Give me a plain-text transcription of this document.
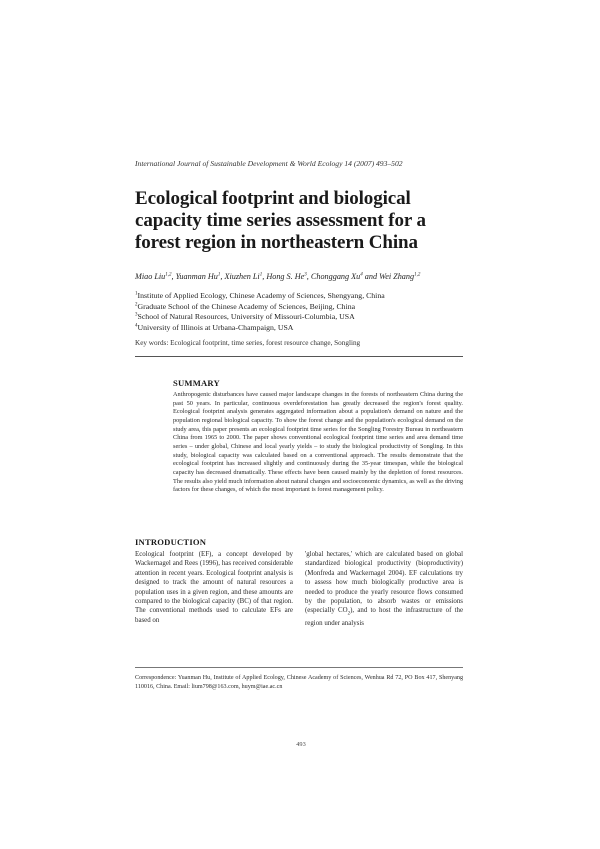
International Journal of Sustainable Development & World Ecology 14 (2007) 493–502
Ecological footprint and biological capacity time series assessment for a forest region in northeastern China
Miao Liu$^{1,2}$, Yuanman Hu$^1$, Xiuzhen Li$^1$, Hong S. He$^3$, Chonggang Xu$^4$ and Wei Zhang$^{1,2}$
$^1$Institute of Applied Ecology, Chinese Academy of Sciences, Shengyang, China
$^2$Graduate School of the Chinese Academy of Sciences, Beijing, China
$^3$School of Natural Resources, University of Missouri-Columbia, USA
$^4$University of Illinois at Urbana-Champaign, USA
Key words: Ecological footprint, time series, forest resource change, Songling
SUMMARY
Anthropogenic disturbances have caused major landscape changes in the forests of northeastern China during the past 50 years. In particular, continuous overdeforestation has greatly decreased the region's forest quality. Ecological footprint analysis generates aggregated information about a population's demand on nature and the population regional biological capacity. To show the forest change and the population's ecological demand on the study area, this paper presents an ecological footprint time series for the Songling Forestry Bureau in northeastern China from 1965 to 2000. The paper shows conventional ecological footprint time series and area demand time series – under global, Chinese and local yearly yields – to study the biological productivity of Songling. In this study, biological capacity was calculated based on a conventional approach. The results demonstrate that the ecological footprint has increased slightly and continuously during the 35-year timespan, while the biological capacity has decreased dramatically. These effects have been caused mainly by the depletion of forest resources. The results also yield much information about natural changes and socioeconomic dynamics, as well as the driving factors for these changes, of which the most important is forest management policy.
INTRODUCTION
Ecological footprint (EF), a concept developed by Wackernagel and Rees (1996), has received considerable attention in recent years. Ecological footprint analysis is designed to track the amount of natural resources a population uses in a given region, and these amounts are compared to the biological capacity (BC) of that region. The conventional methods used to calculate EFs are based on
'global hectares,' which are calculated based on global standardized biological productivity (bioproductivity) (Monfreda and Wackernagel 2004). EF calculations try to assess how much biologically productive area is needed to produce the yearly resource flows consumed by the population, to absorb wastes or emissions (especially $CO_2$), and to host the infrastructure of the region under analysis
Correspondence: Yuanman Hu, Institute of Applied Ecology, Chinese Academy of Sciences, Wenhua Rd 72, PO Box 417, Shenyang 110016, China. Email: lium798@163.com, huym@iae.ac.cn
493
